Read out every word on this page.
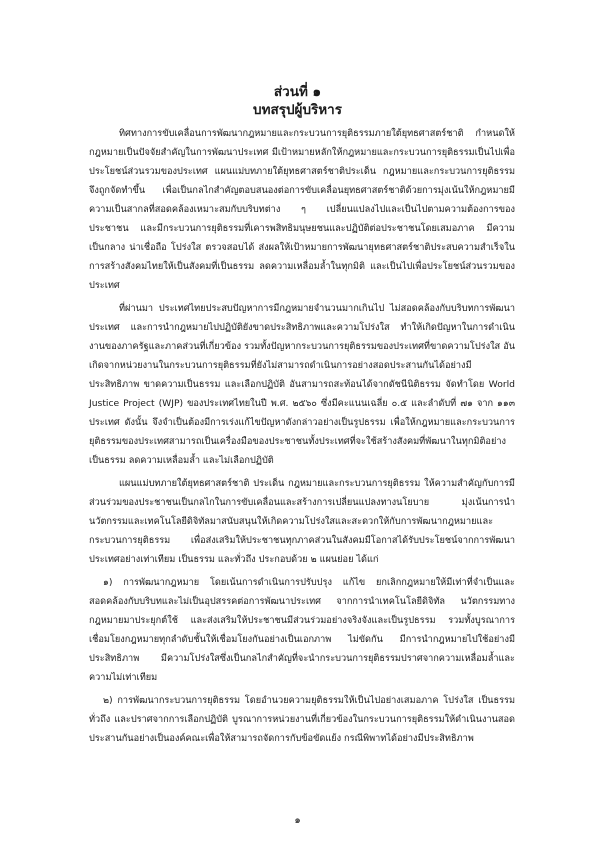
ส่วนที่ ๑
บทสรุปผู้บริหาร

ทิศทางการขับเคลื่อนการพัฒนากฎหมายและกระบวนการยุติธรรมภายใต้ยุทธศาสตร์ชาติ กำหนดให้กฎหมายเป็นปัจจัยสำคัญในการพัฒนาประเทศ มีเป้าหมายหลักให้กฎหมายและกระบวนการยุติธรรมเป็นไปเพื่อประโยชน์ส่วนรวมของประเทศ แผนแม่บทภายใต้ยุทธศาสตร์ชาติประเด็น กฎหมายและกระบวนการยุติธรรมจึงถูกจัดทำขึ้น เพื่อเป็นกลไกสำคัญตอบสนองต่อการขับเคลื่อนยุทธศาสตร์ชาติด้วยการมุ่งเน้นให้กฎหมายมีความเป็นสากลที่สอดคล้องเหมาะสมกับบริบทต่าง ๆ เปลี่ยนแปลงไปและเป็นไปตามความต้องการของประชาชน และมีกระบวนการยุติธรรมที่เคารพสิทธิมนุษยชนและปฏิบัติต่อประชาชนโดยเสมอภาค มีความเป็นกลาง น่าเชื่อถือ โปร่งใส ตรวจสอบได้ ส่งผลให้เป้าหมายการพัฒนายุทธศาสตร์ชาติประสบความสำเร็จในการสร้างสังคมไทยให้เป็นสังคมที่เป็นธรรม ลดความเหลื่อมล้ำในทุกมิติ และเป็นไปเพื่อประโยชน์ส่วนรวมของประเทศ

ที่ผ่านมา ประเทศไทยประสบปัญหาการมีกฎหมายจำนวนมากเกินไป ไม่สอดคล้องกับบริบทการพัฒนาประเทศ และการนำกฎหมายไปปฏิบัติยังขาดประสิทธิภาพและความโปร่งใส ทำให้เกิดปัญหาในการดำเนินงานของภาครัฐและภาคส่วนที่เกี่ยวข้อง รวมทั้งปัญหากระบวนการยุติธรรมของประเทศที่ขาดความโปร่งใส อันเกิดจากหน่วยงานในกระบวนการยุติธรรมที่ยังไม่สามารถดำเนินการอย่างสอดประสานกันได้อย่างมีประสิทธิภาพ ขาดความเป็นธรรม และเลือกปฏิบัติ อันสามารถสะท้อนได้จากดัชนีนิติธรรม จัดทำโดย World Justice Project (WJP) ของประเทศไทยในปี พ.ศ. ๒๕๖๐ ซึ่งมีคะแนนเฉลี่ย ๐.๕ และลำดับที่ ๗๑ จาก ๑๑๓ ประเทศ ดังนั้น จึงจำเป็นต้องมีการเร่งแก้ไขปัญหาดังกล่าวอย่างเป็นรูปธรรม เพื่อให้กฎหมายและกระบวนการยุติธรรมของประเทศสามารถเป็นเครื่องมือของประชาชนทั้งประเทศที่จะใช้สร้างสังคมที่พัฒนาในทุกมิติอย่างเป็นธรรม ลดความเหลื่อมล้ำ และไม่เลือกปฏิบัติ

แผนแม่บทภายใต้ยุทธศาสตร์ชาติ ประเด็น กฎหมายและกระบวนการยุติธรรม ให้ความสำคัญกับการมีส่วนร่วมของประชาชนเป็นกลไกในการขับเคลื่อนและสร้างการเปลี่ยนแปลงทางนโยบาย มุ่งเน้นการนำนวัตกรรมและเทคโนโลยีดิจิทัลมาสนับสนุนให้เกิดความโปร่งใสและสะดวกให้กับการพัฒนากฎหมายและกระบวนการยุติธรรม เพื่อส่งเสริมให้ประชาชนทุกภาคส่วนในสังคมมีโอกาสได้รับประโยชน์จากการพัฒนาประเทศอย่างเท่าเทียม เป็นธรรม และทั่วถึง ประกอบด้วย ๒ แผนย่อย ได้แก่

๑) การพัฒนากฎหมาย โดยเน้นการดำเนินการปรับปรุง แก้ไข ยกเลิกกฎหมายให้มีเท่าที่จำเป็นและสอดคล้องกับบริบทและไม่เป็นอุปสรรคต่อการพัฒนาประเทศ จากการนำเทคโนโลยีดิจิทัล นวัตกรรมทางกฎหมายมาประยุกต์ใช้ และส่งเสริมให้ประชาชนมีส่วนร่วมอย่างจริงจังและเป็นรูปธรรม รวมทั้งบูรณาการเชื่อมโยงกฎหมายทุกลำดับชั้นให้เชื่อมโยงกันอย่างเป็นเอกภาพ ไม่ขัดกัน มีการนำกฎหมายไปใช้อย่างมีประสิทธิภาพ มีความโปร่งใสซึ่งเป็นกลไกสำคัญที่จะนำกระบวนการยุติธรรมปราศจากความเหลื่อมล้ำและความไม่เท่าเทียม

๒) การพัฒนากระบวนการยุติธรรม โดยอำนวยความยุติธรรมให้เป็นไปอย่างเสมอภาค โปร่งใส เป็นธรรม ทั่วถึง และปราศจากการเลือกปฏิบัติ บูรณาการหน่วยงานที่เกี่ยวข้องในกระบวนการยุติธรรมให้ดำเนินงานสอดประสานกันอย่างเป็นองค์คณะเพื่อให้สามารถจัดการกับข้อขัดแย้ง กรณีพิพาทได้อย่างมีประสิทธิภาพ

๑
